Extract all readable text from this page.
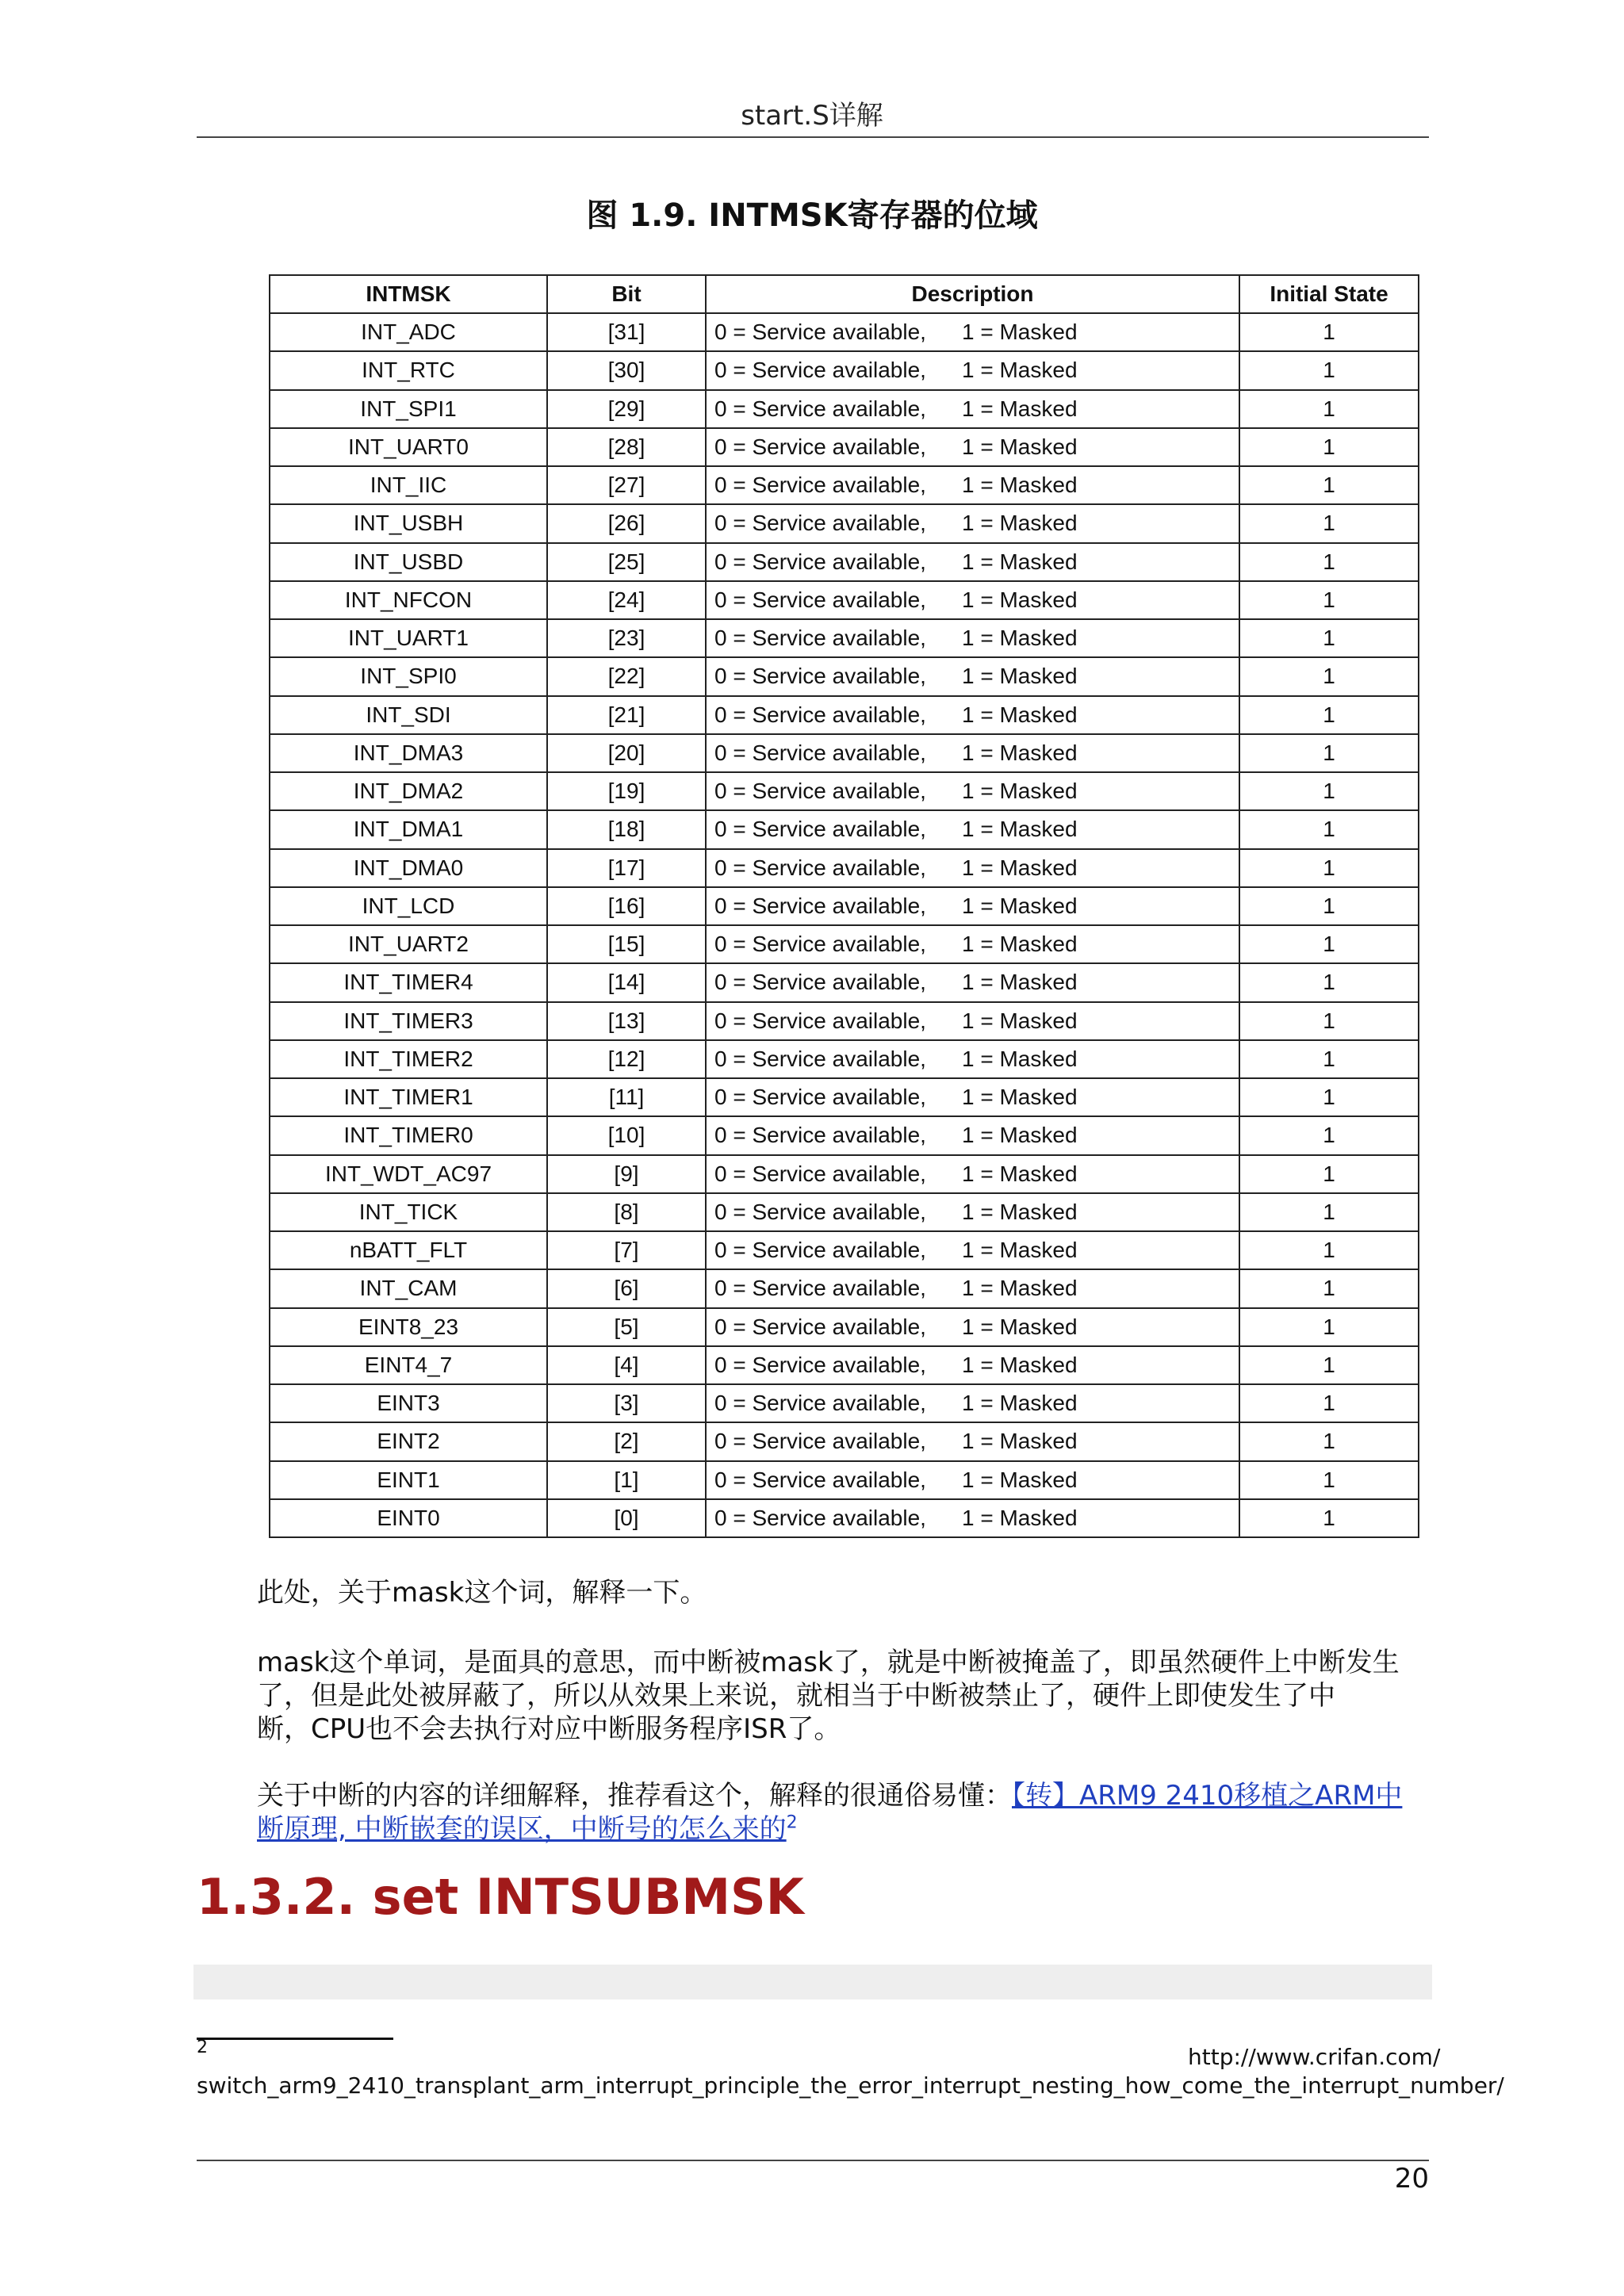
start.S详解
图 1.9. INTMSK寄存器的位域
INTMSK	Bit	Description	Initial State
INT_ADC	[31]	0 = Service available, 1 = Masked	1
INT_RTC	[30]	0 = Service available, 1 = Masked	1
INT_SPI1	[29]	0 = Service available, 1 = Masked	1
INT_UART0	[28]	0 = Service available, 1 = Masked	1
INT_IIC	[27]	0 = Service available, 1 = Masked	1
INT_USBH	[26]	0 = Service available, 1 = Masked	1
INT_USBD	[25]	0 = Service available, 1 = Masked	1
INT_NFCON	[24]	0 = Service available, 1 = Masked	1
INT_UART1	[23]	0 = Service available, 1 = Masked	1
INT_SPI0	[22]	0 = Service available, 1 = Masked	1
INT_SDI	[21]	0 = Service available, 1 = Masked	1
INT_DMA3	[20]	0 = Service available, 1 = Masked	1
INT_DMA2	[19]	0 = Service available, 1 = Masked	1
INT_DMA1	[18]	0 = Service available, 1 = Masked	1
INT_DMA0	[17]	0 = Service available, 1 = Masked	1
INT_LCD	[16]	0 = Service available, 1 = Masked	1
INT_UART2	[15]	0 = Service available, 1 = Masked	1
INT_TIMER4	[14]	0 = Service available, 1 = Masked	1
INT_TIMER3	[13]	0 = Service available, 1 = Masked	1
INT_TIMER2	[12]	0 = Service available, 1 = Masked	1
INT_TIMER1	[11]	0 = Service available, 1 = Masked	1
INT_TIMER0	[10]	0 = Service available, 1 = Masked	1
INT_WDT_AC97	[9]	0 = Service available, 1 = Masked	1
INT_TICK	[8]	0 = Service available, 1 = Masked	1
nBATT_FLT	[7]	0 = Service available, 1 = Masked	1
INT_CAM	[6]	0 = Service available, 1 = Masked	1
EINT8_23	[5]	0 = Service available, 1 = Masked	1
EINT4_7	[4]	0 = Service available, 1 = Masked	1
EINT3	[3]	0 = Service available, 1 = Masked	1
EINT2	[2]	0 = Service available, 1 = Masked	1
EINT1	[1]	0 = Service available, 1 = Masked	1
EINT0	[0]	0 = Service available, 1 = Masked	1
此处，关于mask这个词，解释一下。
mask这个单词，是面具的意思，而中断被mask了，就是中断被掩盖了，即虽然硬件上中断发生
了，但是此处被屏蔽了，所以从效果上来说，就相当于中断被禁止了，硬件上即使发生了中
断，CPU也不会去执行对应中断服务程序ISR了。
关于中断的内容的详细解释，推荐看这个，解释的很通俗易懂：【转】ARM9 2410移植之ARM中
断原理, 中断嵌套的误区，中断号的怎么来的$^2$
1.3.2. set INTSUBMSK
2	http://www.crifan.com/
switch_arm9_2410_transplant_arm_interrupt_principle_the_error_interrupt_nesting_how_come_the_interrupt_number/
20
